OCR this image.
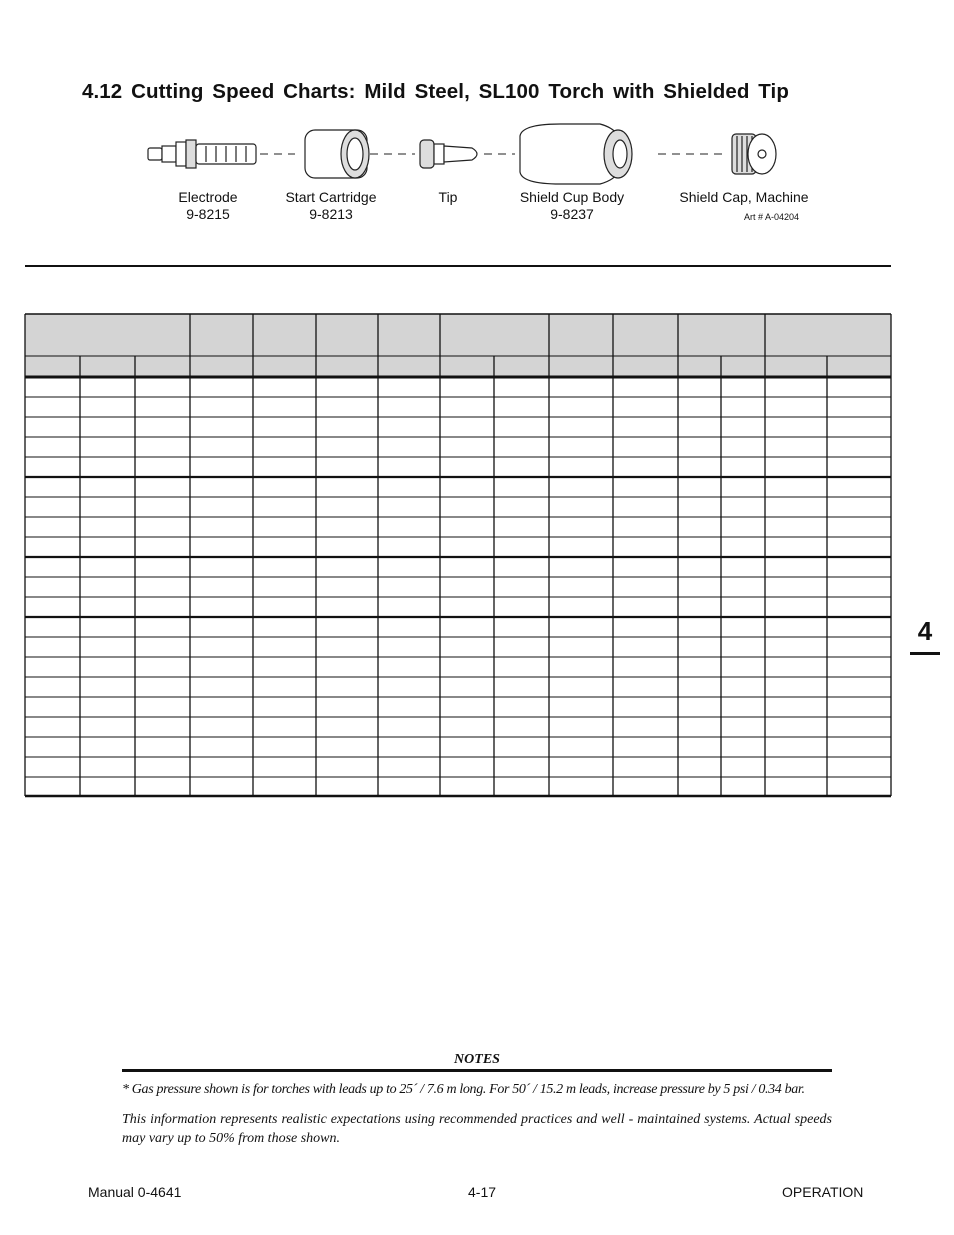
4.12 Cutting Speed Charts: Mild Steel, SL100 Torch with Shielded Tip
Electrode
9-8215
Start Cartridge
9-8213
Tip	Shield Cup Body
9-8237
Shield Cap, Machine
Art # A-04204
4
NOTES
* Gas pressure shown is for torches with leads up to 25´ / 7.6 m long. For 50´ / 15.2 m leads, increase pressure by 5 psi / 0.34 bar.
This information represents realistic expectations using recommended practices and well - maintained systems. Actual speeds may vary up to 50% from those shown.
Manual 0-4641	4-17	OPERATION
